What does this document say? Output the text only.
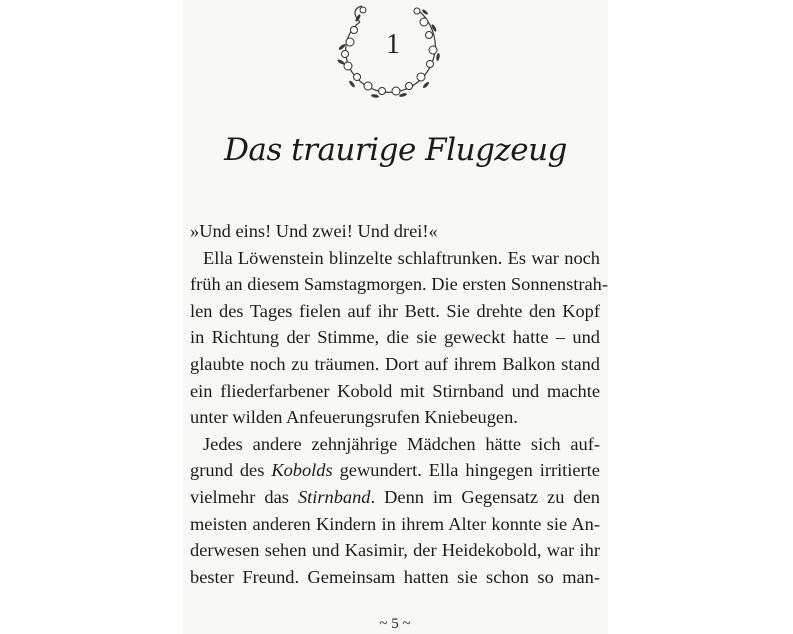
1
Das traurige Flugzeug
»Und eins! Und zwei! Und drei!«
Ella Löwenstein blinzelte schlaftrunken. Es war noch
früh an diesem Samstagmorgen. Die ersten Sonnenstrah-
len des Tages fielen auf ihr Bett. Sie drehte den Kopf
in Richtung der Stimme, die sie geweckt hatte – und
glaubte noch zu träumen. Dort auf ihrem Balkon stand
ein fliederfarbener Kobold mit Stirnband und machte
unter wilden Anfeuerungsrufen Kniebeugen.
Jedes andere zehnjährige Mädchen hätte sich auf-
grund des Kobolds gewundert. Ella hingegen irritierte
vielmehr das Stirnband. Denn im Gegensatz zu den
meisten anderen Kindern in ihrem Alter konnte sie An-
derwesen sehen und Kasimir, der Heidekobold, war ihr
bester Freund. Gemeinsam hatten sie schon so man-
~ 5 ~
